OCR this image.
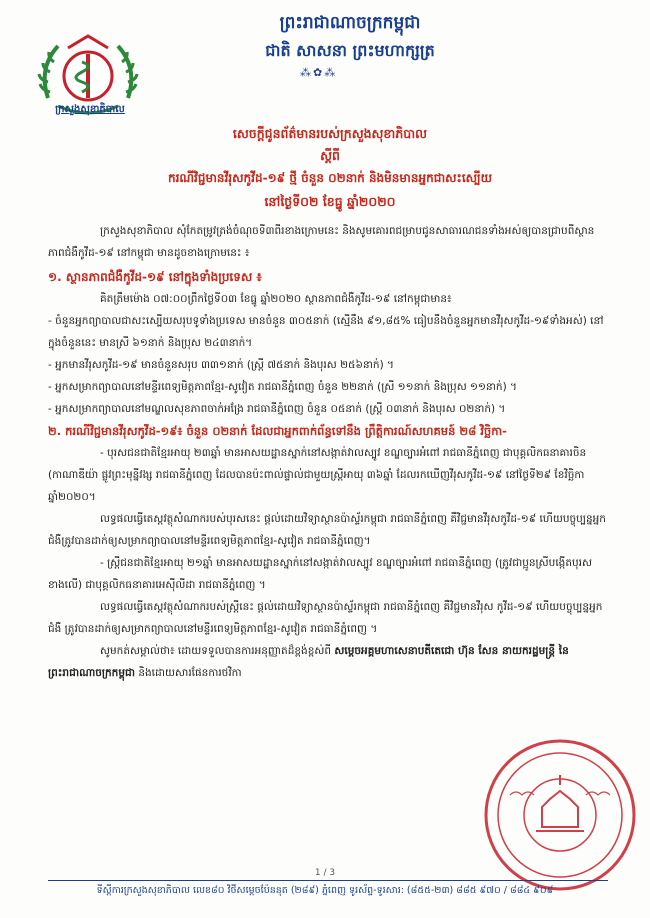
ក្រសួងសុខាភិបាល
ព្រះរាជាណាចក្រកម្ពុជា
ជាតិ សាសនា ព្រះមហាក្សត្រ
⁂✿⁂
សេចក្តីជូនព័ត៌មានរបស់ក្រសួងសុខាភិបាល
ស្តីពី
ករណីវិជ្ជមានវីរុសកូវីដ-១៩ ថ្មី ចំនួន ០២នាក់ និងមិនមានអ្នកជាសះស្បើយ
នៅថ្ងៃទី០២ ខែធ្នូ ឆ្នាំ២០២០

ក្រសួងសុខាភិបាល សុំកែតម្រូវត្រង់ចំណុចទី៣ពីរខាងក្រោមនេះ និងសូមគោរពជម្រាបជូនសាធារណជនទាំងអស់ឲ្យបានជ្រាបពីស្ថានភាពជំងឺកូវីដ-១៩ នៅកម្ពុជា មានដូចខាងក្រោមនេះ ៖

១. ស្ថានភាពជំងឺកូវីដ-១៩ នៅក្នុងទាំងប្រទេស ៖

គិតត្រឹមម៉ោង ០៧:០០ព្រឹកថ្ងៃទី០៣ ខែធ្នូ ឆ្នាំ២០២០ ស្ថានភាពជំងឺកូវីដ-១៩ នៅកម្ពុជាមាន៖

- ចំនួនអ្នកព្យាបាលជាសះស្បើយសរុបទូទាំងប្រទេស មានចំនួន ៣០៥នាក់ (ស្មើនឹង ៩១,៨៥% ធៀបនឹងចំនួនអ្នកមានវីរុសកូវីដ-១៩ទាំងអស់) នៅក្នុងចំនួននេះ មានស្រី ៦១នាក់ និងប្រុស ២៤៣នាក់។

- អ្នកមានវីរុសកូវីដ-១៩ មានចំនួនសរុប ៣៣១នាក់ (ស្ត្រី ៧៥នាក់ និងបុរស ២៥៦នាក់) ។

- អ្នកសម្រាកព្យាបាលនៅមន្ទីរពេទ្យមិត្តភាពខ្មែរ-សូវៀត រាជធានីភ្នំពេញ ចំនួន ២២នាក់ (ស្រី ១១នាក់ និងប្រុស ១១នាក់) ។

- អ្នកសម្រាកព្យាបាលនៅមណ្ឌលសុខភាពចាក់អង្រែ រាជធានីភ្នំពេញ ចំនួន ០៥នាក់ (ស្ត្រី ០៣នាក់ និងបុរស ០២នាក់) ។

២. ករណីវិជ្ជមានវីរុសកូវីដ-១៩៖ ចំនួន ០២នាក់ ដែលជាអ្នកពាក់ព័ន្ធទៅនឹង ព្រឹត្តិការណ៍សហគមន៍ ២៨ វិច្ឆិកា-

- បុរសជនជាតិខ្មែរអាយុ ២៣ឆ្នាំ មានអាសយដ្ឋានស្នាក់នៅសង្កាត់វាលស្បូវ ខណ្ឌច្បារអំពៅ រាជធានីភ្នំពេញ ជាបុគ្គលិកធនាគារចិន (កាណាឌីយ៉ា ផ្លូវព្រះមុន្នីវង្ស រាជធានីភ្នំពេញ ដែលបានប៉ះពាល់ផ្ទាល់ជាមួយស្ត្រីអាយុ ៣៦ឆ្នាំ ដែលរកឃើញវីរុសកូវីដ-១៩ នៅថ្ងៃទី២៩ ខែវិច្ឆិកា ឆ្នាំ២០២០។

លទ្ធផលធ្វើតេស្តវត្ថុសំណាករបស់បុរសនេះ ផ្តល់ដោយវិទ្យាស្ថានប៉ាស្ទ័រកម្ពុជា រាជធានីភ្នំពេញ គឺវិជ្ជមានវីរុសកូវីដ-១៩ ហើយបច្ចុប្បន្នអ្នកជំងឺត្រូវបានដាក់ឲ្យសម្រាកព្យាបាលនៅមន្ទីរពេទ្យមិត្តភាពខ្មែរ-សូវៀត រាជធានីភ្នំពេញ។

- ស្ត្រីជនជាតិខ្មែរអាយុ ២១ឆ្នាំ មានអាសយដ្ឋានស្នាក់នៅសង្កាត់វាលស្បូវ ខណ្ឌច្បារអំពៅ រាជធានីភ្នំពេញ (ត្រូវជាប្អូនស្រីបង្កើតបុរសខាងលើ) ជាបុគ្គលិកធនាគារអេស៊ីលីដា រាជធានីភ្នំពេញ ។

លទ្ធផលធ្វើតេស្តវត្ថុសំណាករបស់ស្ត្រីនេះ ផ្តល់ដោយវិទ្យាស្ថានប៉ាស្ទ័រកម្ពុជា រាជធានីភ្នំពេញ គឺវិជ្ជមានវីរុស កូវីដ-១៩ ហើយបច្ចុប្បន្នអ្នកជំងឺ ត្រូវបានដាក់ឲ្យសម្រាកព្យាបាលនៅមន្ទីរពេទ្យមិត្តភាពខ្មែរ-សូវៀត រាជធានីភ្នំពេញ ។

សូមកត់សម្គាល់ថា៖ ដោយទទួលបានការអនុញ្ញាតដ៏ខ្ពង់ខ្ពស់ពី សម្តេចអគ្គមហាសេនាបតីតេជោ ហ៊ុន សែន នាយករដ្ឋមន្ត្រី នៃព្រះរាជាណាចក្រកម្ពុជា និងដោយសារផែនការថវិកា

1 / 3
ទីស្តីការក្រសួងសុខាភិបាល លេខ៨០ វិថីសម្តេចប៉ែននុត (២៨៩) ភ្នំពេញ ទូរស័ព្ទ-ទូរសារ: (៨៥៥-២៣) ៨៨៥ ៩៧០ / ៨៨៤ ៩០៩
